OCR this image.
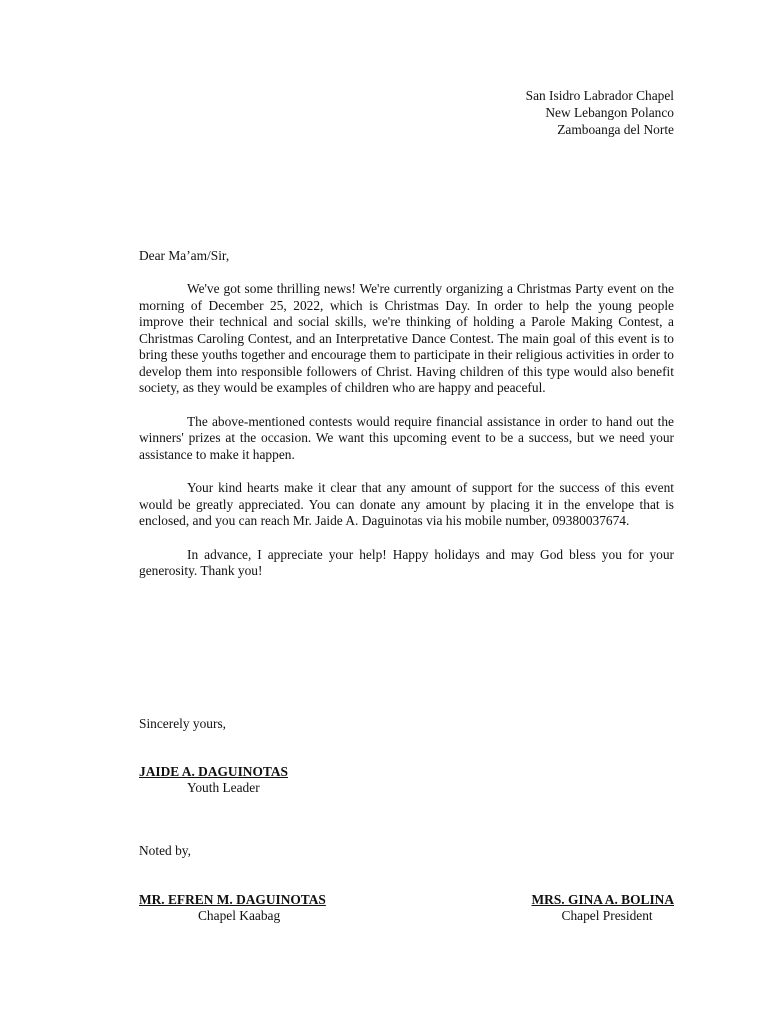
San Isidro Labrador Chapel
New Lebangon Polanco
Zamboanga del Norte
Dear Ma’am/Sir,

We've got some thrilling news! We're currently organizing a Christmas Party event on the morning of December 25, 2022, which is Christmas Day. In order to help the young people improve their technical and social skills, we're thinking of holding a Parole Making Contest, a Christmas Caroling Contest, and an Interpretative Dance Contest. The main goal of this event is to bring these youths together and encourage them to participate in their religious activities in order to develop them into responsible followers of Christ. Having children of this type would also benefit society, as they would be examples of children who are happy and peaceful.

The above-mentioned contests would require financial assistance in order to hand out the winners' prizes at the occasion. We want this upcoming event to be a success, but we need your assistance to make it happen.

Your kind hearts make it clear that any amount of support for the success of this event would be greatly appreciated. You can donate any amount by placing it in the envelope that is enclosed, and you can reach Mr. Jaide A. Daguinotas via his mobile number, 09380037674.

In advance, I appreciate your help! Happy holidays and may God bless you for your generosity. Thank you!

Sincerely yours,
JAIDE A. DAGUINOTAS
Youth Leader
Noted by,
MR. EFREN M. DAGUINOTAS
Chapel Kaabag
MRS. GINA A. BOLINA
Chapel President
